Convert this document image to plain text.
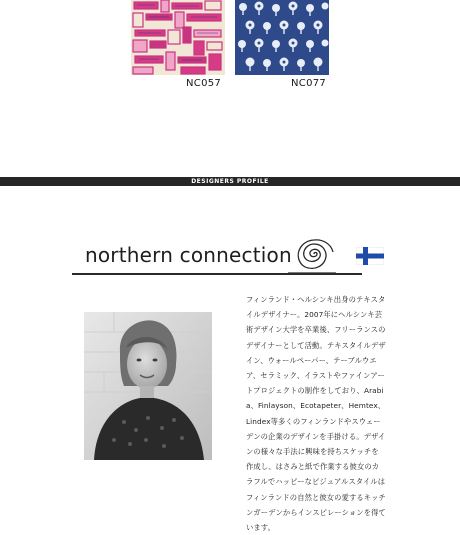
NC057	NC077
DESIGNERS PROFILE
northern connection
フィンランド・ヘルシンキ出身のテキスタイルデザイナー。2007年にヘルシンキ芸術デザイン大学を卒業後、フリーランスのデザイナーとして活動。テキスタイルデザイン、ウォールペーパー、テーブルウエア、セラミック、イラストやファインアートプロジェクトの制作をしており、Arabia、Finlayson、Ecotapeter、Hemtex、Lindex等多くのフィンランドやスウェーデンの企業のデザインを手掛ける。デザインの様々な手法に興味を持ちスケッチを作成し、はさみと紙で作業する彼女のカラフルでハッピーなビジュアルスタイルはフィンランドの自然と彼女の愛するキッチンガーデンからインスピレーションを得ています。
